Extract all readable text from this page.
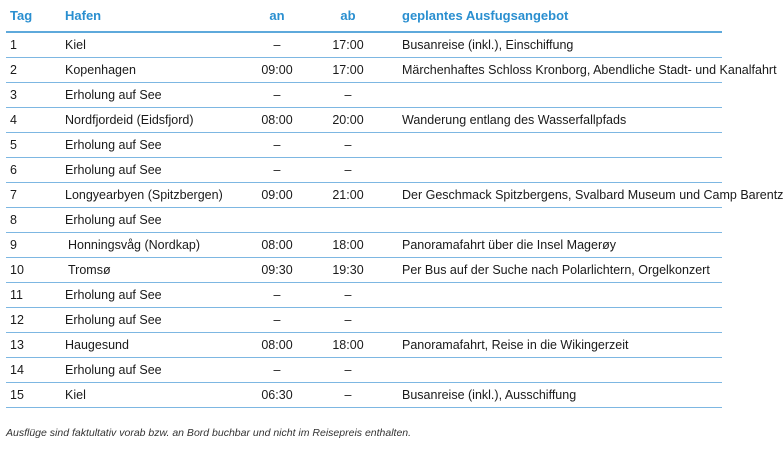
Tag	Hafen	an	ab	geplantes Ausfugsangebot
1	Kiel	–	17:00	Busanreise (inkl.), Einschiffung
2	Kopenhagen	09:00	17:00	Märchenhaftes Schloss Kronborg, Abendliche Stadt- und Kanalfahrt
3	Erholung auf See	–	–	
4	Nordfjordeid (Eidsfjord)	08:00	20:00	Wanderung entlang des Wasserfallpfads
5	Erholung auf See	–	–	
6	Erholung auf See	–	–	
7	Longyearbyen (Spitzbergen)	09:00	21:00	Der Geschmack Spitzbergens, Svalbard Museum und Camp Barentz
8	Erholung auf See			
9	Honningsvåg (Nordkap)	08:00	18:00	Panoramafahrt über die Insel Magerøy
10	Tromsø	09:30	19:30	Per Bus auf der Suche nach Polarlichtern, Orgelkonzert
11	Erholung auf See	–	–	
12	Erholung auf See	–	–	
13	Haugesund	08:00	18:00	Panoramafahrt, Reise in die Wikingerzeit
14	Erholung auf See	–	–	
15	Kiel	06:30	–	Busanreise (inkl.), Ausschiffung
Ausflüge sind faktultativ vorab bzw. an Bord buchbar und nicht im Reisepreis enthalten.
